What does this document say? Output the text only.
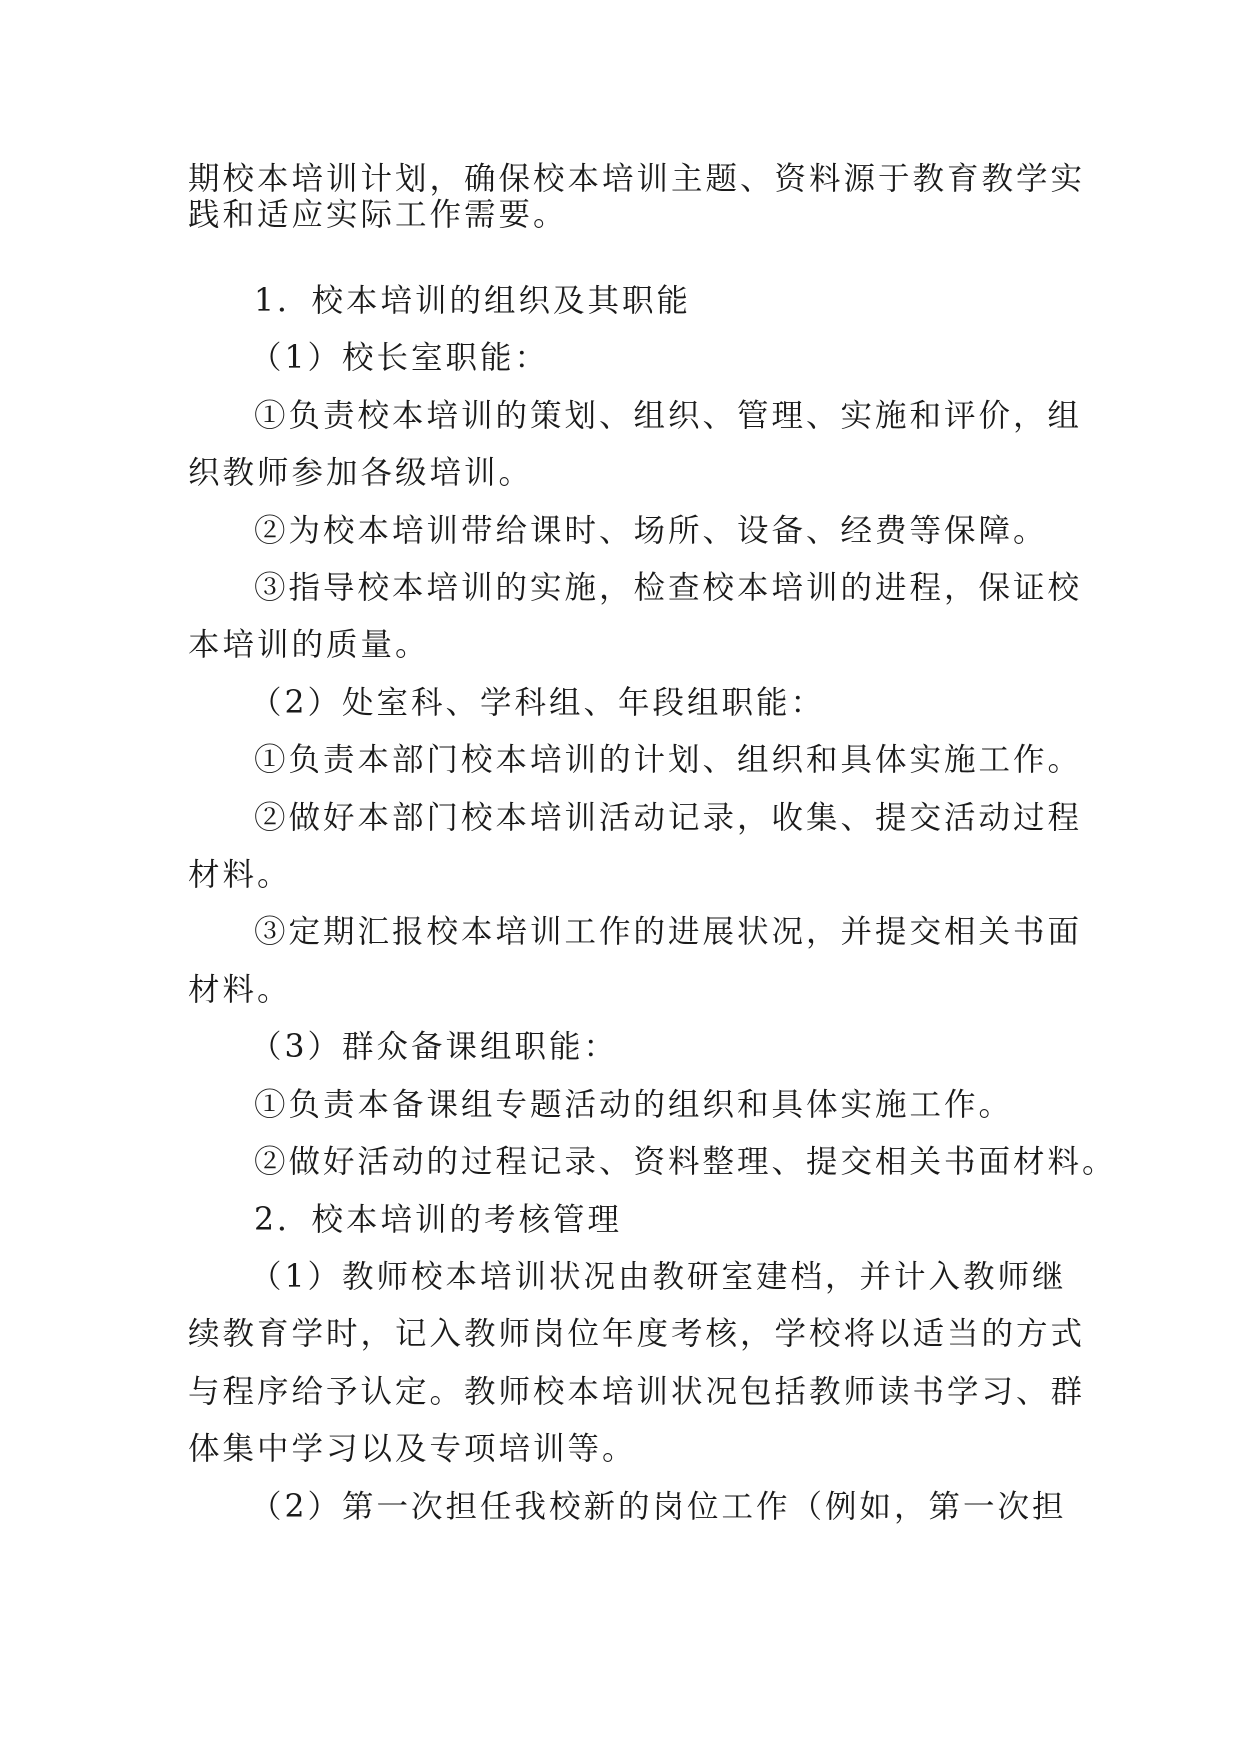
期校本培训计划，确保校本培训主题、资料源于教育教学实
践和适应实际工作需要。
1．校本培训的组织及其职能
（1）校长室职能：
①负责校本培训的策划、组织、管理、实施和评价，组
织教师参加各级培训。
②为校本培训带给课时、场所、设备、经费等保障。
③指导校本培训的实施，检查校本培训的进程，保证校
本培训的质量。
（2）处室科、学科组、年段组职能：
①负责本部门校本培训的计划、组织和具体实施工作。
②做好本部门校本培训活动记录，收集、提交活动过程
材料。
③定期汇报校本培训工作的进展状况，并提交相关书面
材料。
（3）群众备课组职能：
①负责本备课组专题活动的组织和具体实施工作。
②做好活动的过程记录、资料整理、提交相关书面材料。
2．校本培训的考核管理
（1）教师校本培训状况由教研室建档，并计入教师继
续教育学时，记入教师岗位年度考核，学校将以适当的方式
与程序给予认定。教师校本培训状况包括教师读书学习、群
体集中学习以及专项培训等。
（2）第一次担任我校新的岗位工作（例如，第一次担
